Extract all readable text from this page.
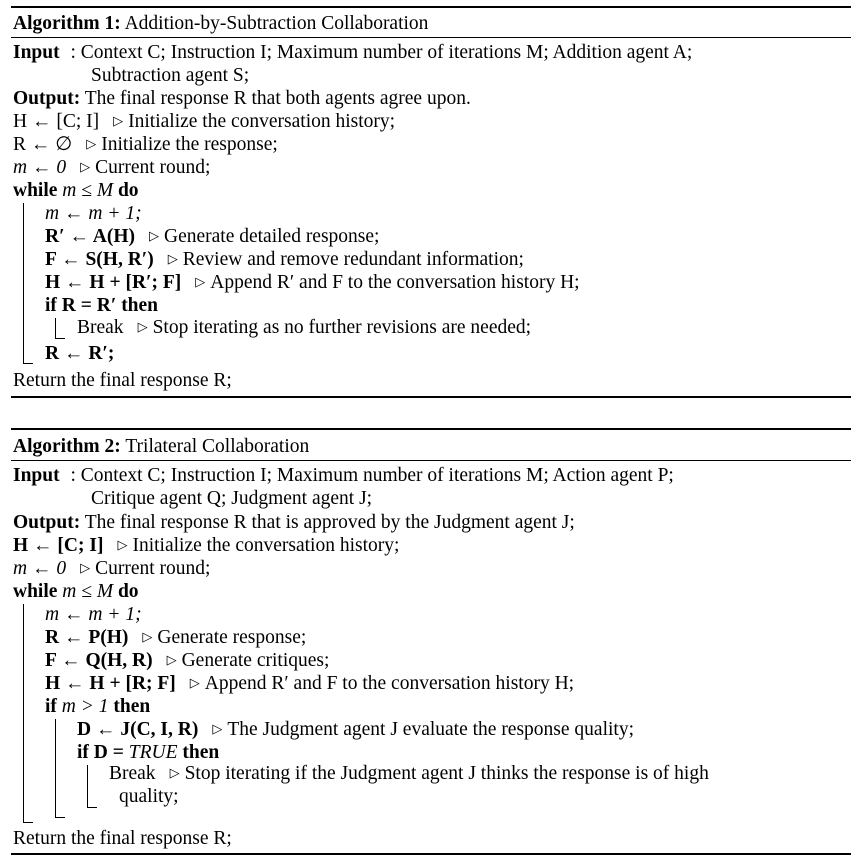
Algorithm 1: Addition-by-Subtraction Collaboration
Input : Context C; Instruction I; Maximum number of iterations M; Addition agent A;
Subtraction agent S;
Output: The final response R that both agents agree upon.
H ← [C; I] ▷ Initialize the conversation history;
R ← ∅ ▷ Initialize the response;
m ← 0 ▷ Current round;
while m ≤ M do
m ← m + 1;
R′ ← A(H) ▷ Generate detailed response;
F ← S(H, R′) ▷ Review and remove redundant information;
H ← H + [R′; F] ▷ Append R′ and F to the conversation history H;
if R = R′ then
Break ▷ Stop iterating as no further revisions are needed;
R ← R′;
Return the final response R;
Algorithm 2: Trilateral Collaboration
Input : Context C; Instruction I; Maximum number of iterations M; Action agent P;
Critique agent Q; Judgment agent J;
Output: The final response R that is approved by the Judgment agent J;
H ← [C; I] ▷ Initialize the conversation history;
m ← 0 ▷ Current round;
while m ≤ M do
m ← m + 1;
R ← P(H) ▷ Generate response;
F ← Q(H, R) ▷ Generate critiques;
H ← H + [R; F] ▷ Append R′ and F to the conversation history H;
if m > 1 then
D ← J(C, I, R) ▷ The Judgment agent J evaluate the response quality;
if D = TRUE then
Break ▷ Stop iterating if the Judgment agent J thinks the response is of high
quality;
Return the final response R;
